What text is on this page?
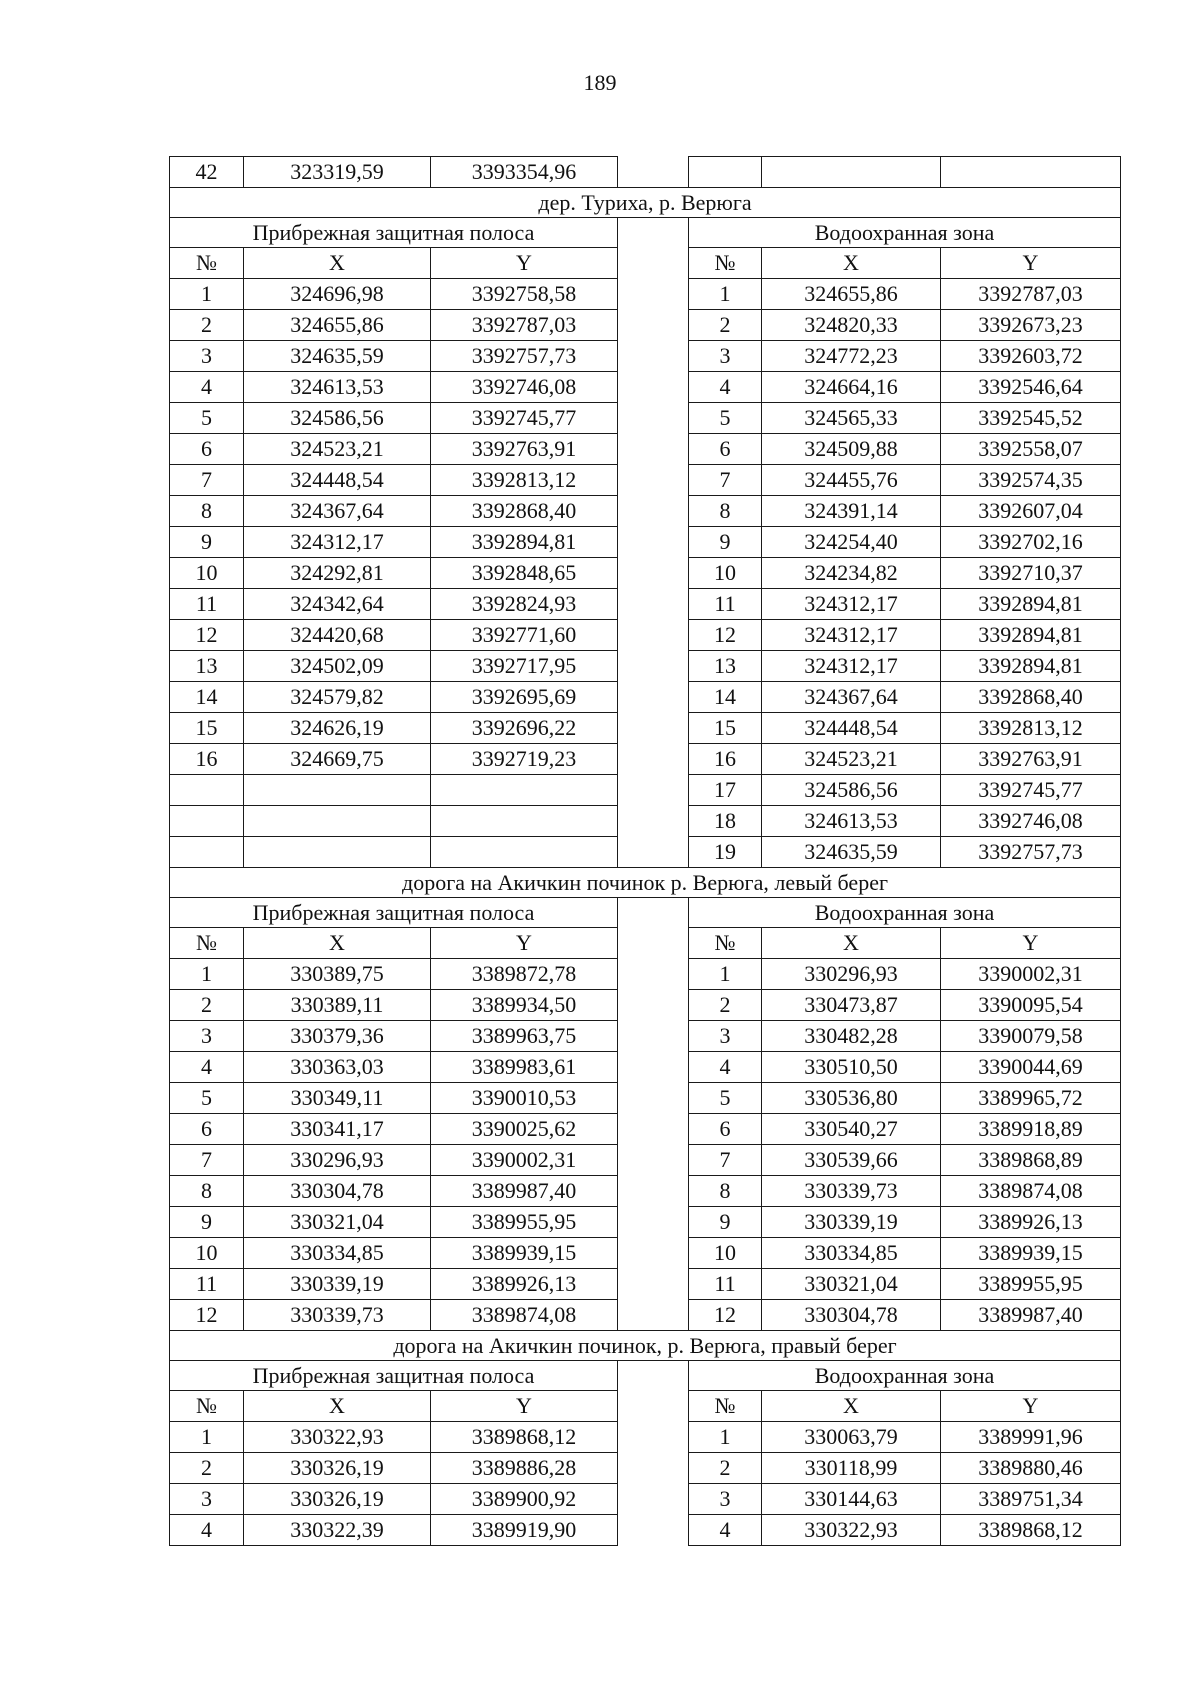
189
42	323319,59	3393354,96				
дер. Туриха, р. Верюга						
Прибрежная защитная полоса				Водоохранная зона		
№	X	Y		№	X	Y
1	324696,98	3392758,58		1	324655,86	3392787,03
2	324655,86	3392787,03		2	324820,33	3392673,23
3	324635,59	3392757,73		3	324772,23	3392603,72
4	324613,53	3392746,08		4	324664,16	3392546,64
5	324586,56	3392745,77		5	324565,33	3392545,52
6	324523,21	3392763,91		6	324509,88	3392558,07
7	324448,54	3392813,12		7	324455,76	3392574,35
8	324367,64	3392868,40		8	324391,14	3392607,04
9	324312,17	3392894,81		9	324254,40	3392702,16
10	324292,81	3392848,65		10	324234,82	3392710,37
11	324342,64	3392824,93		11	324312,17	3392894,81
12	324420,68	3392771,60		12	324312,17	3392894,81
13	324502,09	3392717,95		13	324312,17	3392894,81
14	324579,82	3392695,69		14	324367,64	3392868,40
15	324626,19	3392696,22		15	324448,54	3392813,12
16	324669,75	3392719,23		16	324523,21	3392763,91
				17	324586,56	3392745,77
				18	324613,53	3392746,08
				19	324635,59	3392757,73
дорога на Акичкин починок р. Верюга, левый берег						
Прибрежная защитная полоса				Водоохранная зона		
№	X	Y		№	X	Y
1	330389,75	3389872,78		1	330296,93	3390002,31
2	330389,11	3389934,50		2	330473,87	3390095,54
3	330379,36	3389963,75		3	330482,28	3390079,58
4	330363,03	3389983,61		4	330510,50	3390044,69
5	330349,11	3390010,53		5	330536,80	3389965,72
6	330341,17	3390025,62		6	330540,27	3389918,89
7	330296,93	3390002,31		7	330539,66	3389868,89
8	330304,78	3389987,40		8	330339,73	3389874,08
9	330321,04	3389955,95		9	330339,19	3389926,13
10	330334,85	3389939,15		10	330334,85	3389939,15
11	330339,19	3389926,13		11	330321,04	3389955,95
12	330339,73	3389874,08		12	330304,78	3389987,40
дорога на Акичкин починок, р. Верюга, правый берег						
Прибрежная защитная полоса				Водоохранная зона		
№	X	Y		№	X	Y
1	330322,93	3389868,12		1	330063,79	3389991,96
2	330326,19	3389886,28		2	330118,99	3389880,46
3	330326,19	3389900,92		3	330144,63	3389751,34
4	330322,39	3389919,90		4	330322,93	3389868,12
